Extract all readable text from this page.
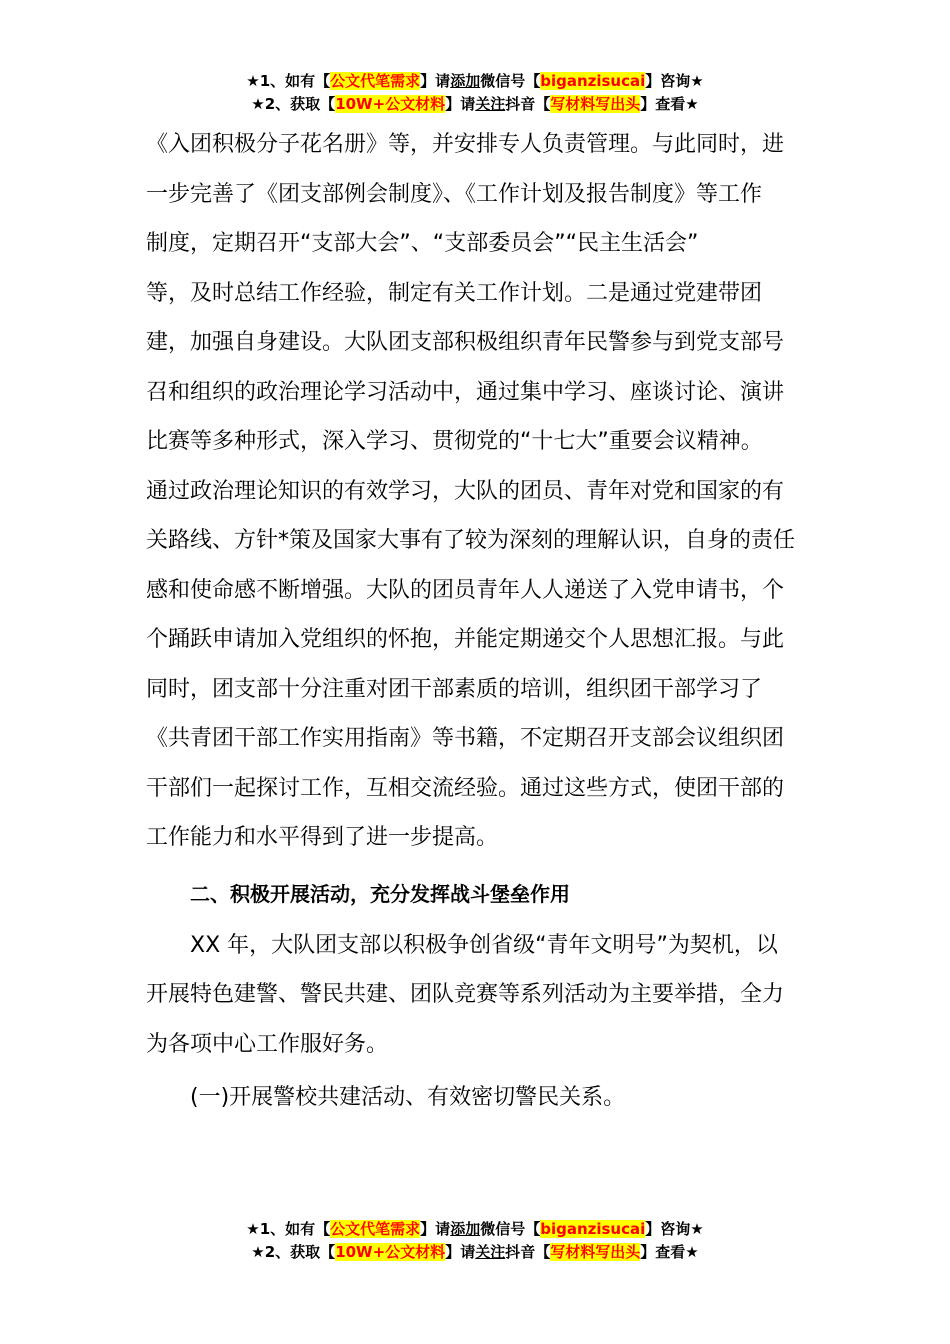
★1、如有【公文代笔需求】请添加微信号【biganzisucai】咨询★
★2、获取【10W+公文材料】请关注抖音【写材料写出头】查看★

《入团积极分子花名册》等，并安排专人负责管理。与此同时，进

一步完善了《团支部例会制度》、《工作计划及报告制度》等工作

制度，定期召开“支部大会”、“支部委员会”“民主生活会”

等，及时总结工作经验，制定有关工作计划。二是通过党建带团

建，加强自身建设。大队团支部积极组织青年民警参与到党支部号

召和组织的政治理论学习活动中，通过集中学习、座谈讨论、演讲

比赛等多种形式，深入学习、贯彻党的“十七大”重要会议精神。

通过政治理论知识的有效学习，大队的团员、青年对党和国家的有

关路线、方针*策及国家大事有了较为深刻的理解认识，自身的责任

感和使命感不断增强。大队的团员青年人人递送了入党申请书，个

个踊跃申请加入党组织的怀抱，并能定期递交个人思想汇报。与此

同时，团支部十分注重对团干部素质的培训，组织团干部学习了

《共青团干部工作实用指南》等书籍，不定期召开支部会议组织团

干部们一起探讨工作，互相交流经验。通过这些方式，使团干部的

工作能力和水平得到了进一步提高。

二、积极开展活动，充分发挥战斗堡垒作用

XX 年，大队团支部以积极争创省级“青年文明号”为契机，以

开展特色建警、警民共建、团队竞赛等系列活动为主要举措，全力

为各项中心工作服好务。

(一)开展警校共建活动、有效密切警民关系。

★1、如有【公文代笔需求】请添加微信号【biganzisucai】咨询★
★2、获取【10W+公文材料】请关注抖音【写材料写出头】查看★
